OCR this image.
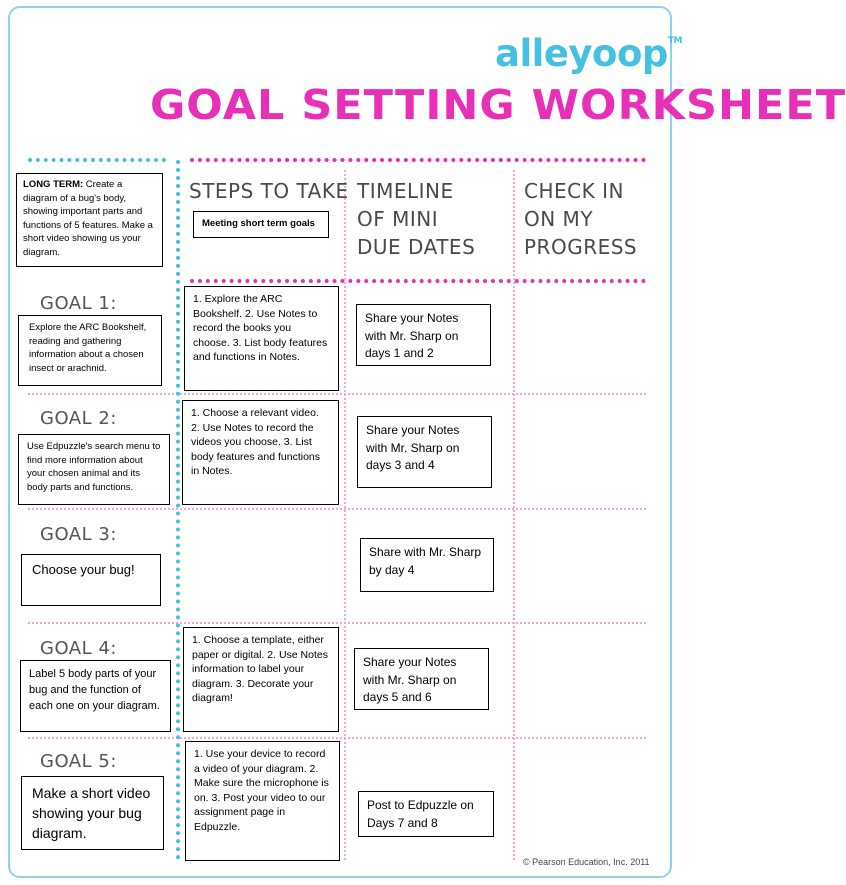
alleyoop™
GOAL SETTING WORKSHEET
LONG TERM: Create a diagram of a bug's body, showing important parts and functions of 5 features. Make a short video showing us your diagram.
STEPS TO TAKE
Meeting short term goals
TIMELINE OF MINI DUE DATES
CHECK IN ON MY PROGRESS
GOAL 1:
Explore the ARC Bookshelf, reading and gathering information about a chosen insect or arachnid.
1. Explore the ARC Bookshelf. 2. Use Notes to record the books you choose. 3. List body features and functions in Notes.
Share your Notes with Mr. Sharp on days 1 and 2
GOAL 2:
Use Edpuzzle's search menu to find more information about your chosen animal and its body parts and functions.
1. Choose a relevant video. 2. Use Notes to record the videos you choose. 3. List body features and functions in Notes.
Share your Notes with Mr. Sharp on days 3 and 4
GOAL 3:
Choose your bug!
Share with Mr. Sharp by day 4
GOAL 4:
Label 5 body parts of your bug and the function of each one on your diagram.
1. Choose a template, either paper or digital. 2. Use Notes information to label your diagram. 3. Decorate your diagram!
Share your Notes with Mr. Sharp on days 5 and 6
GOAL 5:
Make a short video showing your bug diagram.
1. Use your device to record a video of your diagram. 2. Make sure the microphone is on. 3. Post your video to our assignment page in Edpuzzle.
Post to Edpuzzle on Days 7 and 8
© Pearson Education, Inc. 2011
